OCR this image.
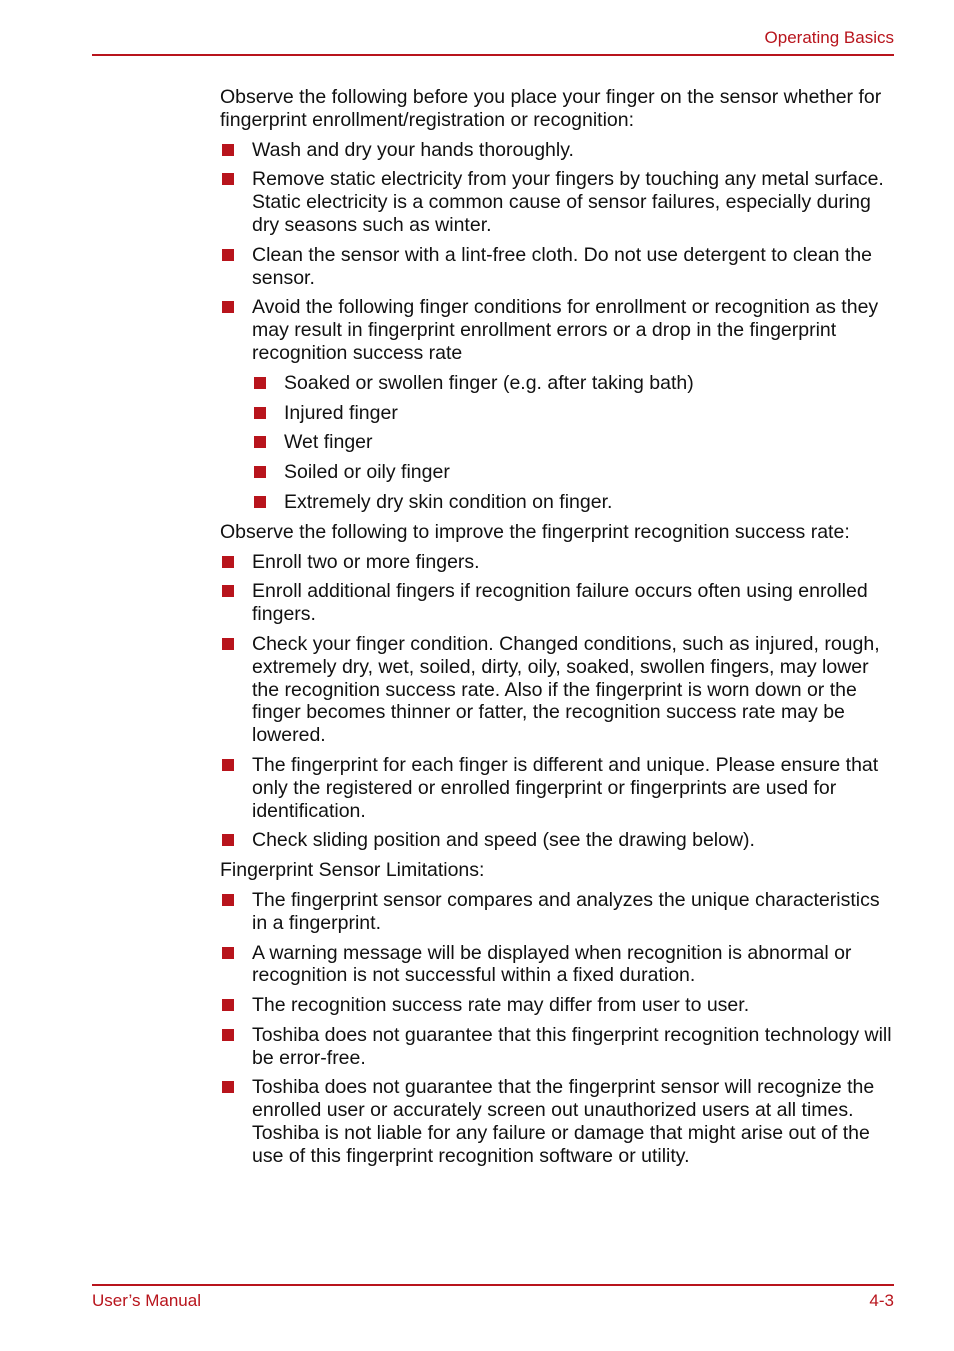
Operating Basics

Observe the following before you place your finger on the sensor whether for fingerprint enrollment/registration or recognition:

Wash and dry your hands thoroughly.
Remove static electricity from your fingers by touching any metal surface. Static electricity is a common cause of sensor failures, especially during dry seasons such as winter.
Clean the sensor with a lint-free cloth. Do not use detergent to clean the sensor.
Avoid the following finger conditions for enrollment or recognition as they may result in fingerprint enrollment errors or a drop in the fingerprint recognition success rate
Soaked or swollen finger (e.g. after taking bath)
Injured finger
Wet finger
Soiled or oily finger
Extremely dry skin condition on finger.

Observe the following to improve the fingerprint recognition success rate:

Enroll two or more fingers.
Enroll additional fingers if recognition failure occurs often using enrolled fingers.
Check your finger condition. Changed conditions, such as injured, rough, extremely dry, wet, soiled, dirty, oily, soaked, swollen fingers, may lower the recognition success rate. Also if the fingerprint is worn down or the finger becomes thinner or fatter, the recognition success rate may be lowered.
The fingerprint for each finger is different and unique. Please ensure that only the registered or enrolled fingerprint or fingerprints are used for identification.
Check sliding position and speed (see the drawing below).

Fingerprint Sensor Limitations:

The fingerprint sensor compares and analyzes the unique characteristics in a fingerprint.
A warning message will be displayed when recognition is abnormal or recognition is not successful within a fixed duration.
The recognition success rate may differ from user to user.
Toshiba does not guarantee that this fingerprint recognition technology will be error-free.
Toshiba does not guarantee that the fingerprint sensor will recognize the enrolled user or accurately screen out unauthorized users at all times. Toshiba is not liable for any failure or damage that might arise out of the use of this fingerprint recognition software or utility.
User’s Manual	4-3
